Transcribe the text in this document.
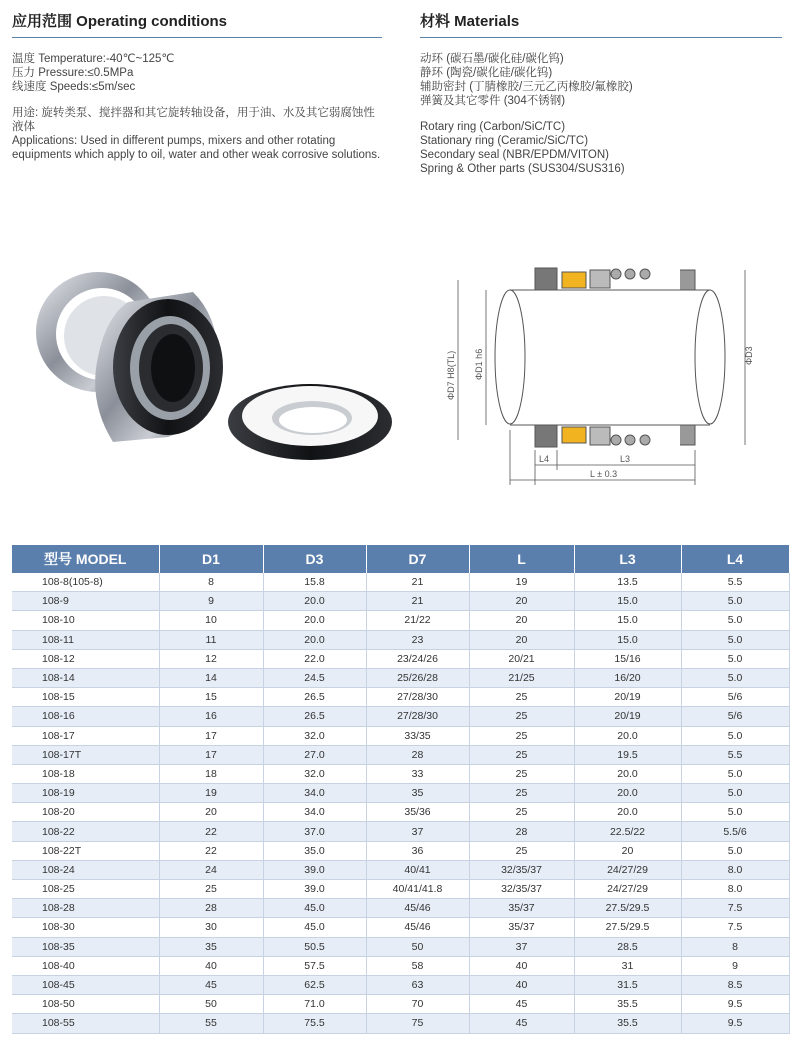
应用范围 Operating conditions
温度 Temperature:-40℃~125℃
压力 Pressure:≤0.5MPa
线速度 Speeds:≤5m/sec
用途: 旋转类泵、搅拌器和其它旋转轴设备，用于油、水及其它弱腐蚀性液体
Applications: Used in different pumps, mixers and other rotating equipments which apply to oil, water and other weak corrosive solutions.
材料 Materials
动环 (碳石墨/碳化硅/碳化钨)
静环 (陶瓷/碳化硅/碳化钨)
辅助密封 (丁腈橡胶/三元乙丙橡胶/氟橡胶)
弹簧及其它零件 (304不锈钢)
Rotary ring (Carbon/SiC/TC)
Stationary ring (Ceramic/SiC/TC)
Secondary seal (NBR/EPDM/VITON)
Spring & Other parts (SUS304/SUS316)
ΦD7 H8(TL) ΦD1 h6	ΦD3
L4	L3
L ± 0.3
型号 MODEL	D1	D3	D7	L	L3	L4
108-8(105-8)	8	15.8	21	19	13.5	5.5
108-9	9	20.0	21	20	15.0	5.0
108-10	10	20.0	21/22	20	15.0	5.0
108-11	11	20.0	23	20	15.0	5.0
108-12	12	22.0	23/24/26	20/21	15/16	5.0
108-14	14	24.5	25/26/28	21/25	16/20	5.0
108-15	15	26.5	27/28/30	25	20/19	5/6
108-16	16	26.5	27/28/30	25	20/19	5/6
108-17	17	32.0	33/35	25	20.0	5.0
108-17T	17	27.0	28	25	19.5	5.5
108-18	18	32.0	33	25	20.0	5.0
108-19	19	34.0	35	25	20.0	5.0
108-20	20	34.0	35/36	25	20.0	5.0
108-22	22	37.0	37	28	22.5/22	5.5/6
108-22T	22	35.0	36	25	20	5.0
108-24	24	39.0	40/41	32/35/37	24/27/29	8.0
108-25	25	39.0	40/41/41.8	32/35/37	24/27/29	8.0
108-28	28	45.0	45/46	35/37	27.5/29.5	7.5
108-30	30	45.0	45/46	35/37	27.5/29.5	7.5
108-35	35	50.5	50	37	28.5	8
108-40	40	57.5	58	40	31	9
108-45	45	62.5	63	40	31.5	8.5
108-50	50	71.0	70	45	35.5	9.5
108-55	55	75.5	75	45	35.5	9.5
